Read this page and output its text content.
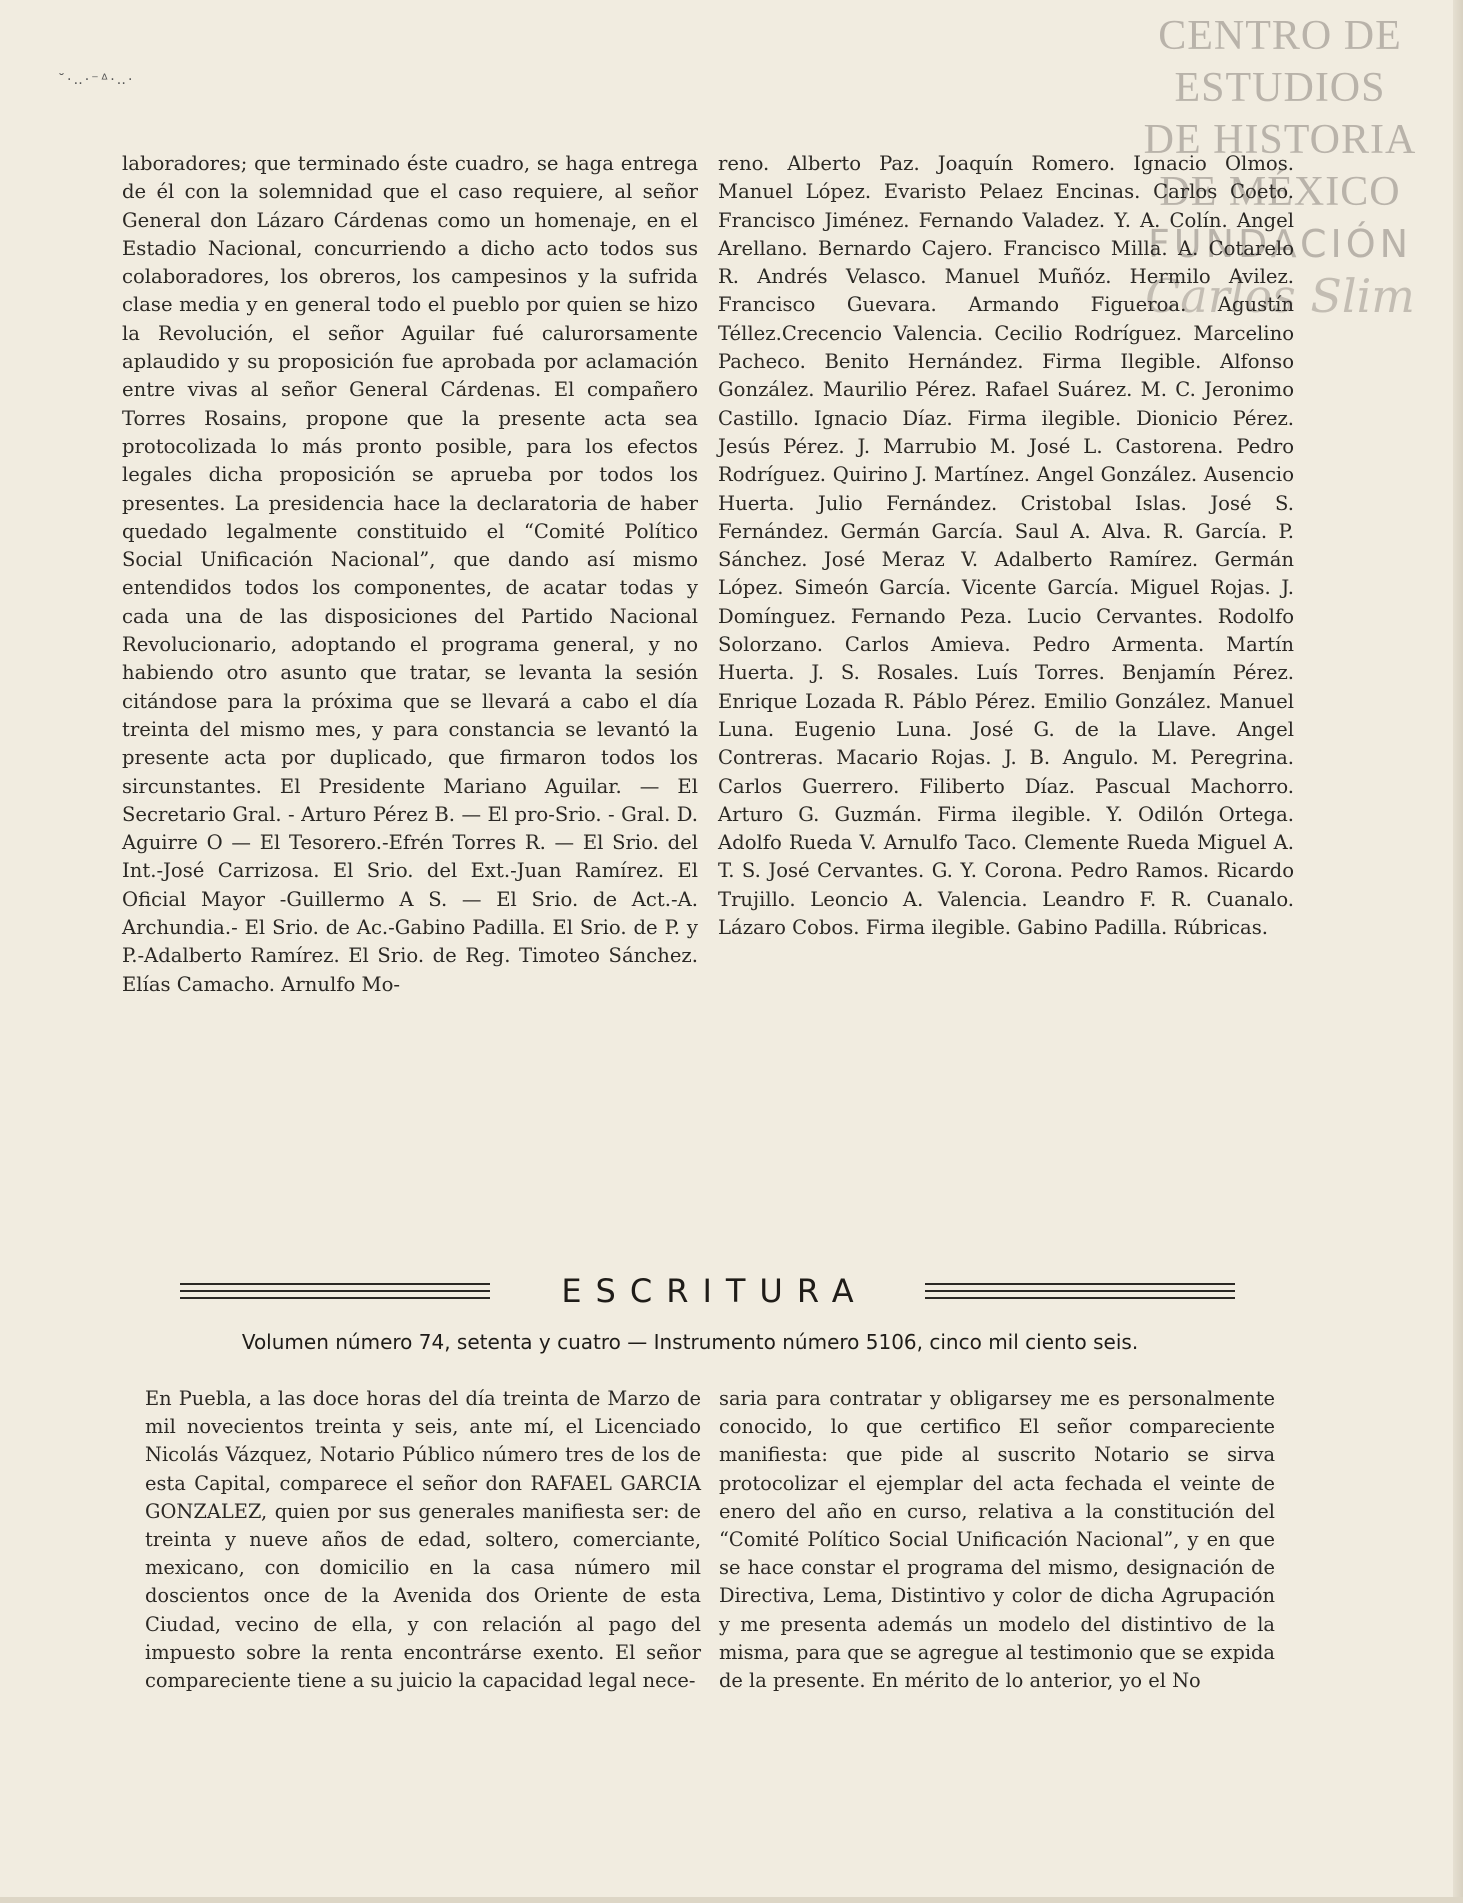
˘·‥·⁻ᐞ·‥·
CENTRO DE
ESTUDIOS
DE HISTORIA
DE MÉXICO
FUNDACIÓN
Carlos Slim
laboradores; que terminado éste cuadro, se haga entrega de él con la solemnidad que el caso requiere, al señor General don Lázaro Cárdenas como un homenaje, en el Estadio Nacional, concurriendo a dicho acto todos sus colaboradores, los obreros, los campesinos y la sufrida clase media y en general todo el pueblo por quien se hizo la Revolución, el señor Aguilar fué calurorsamente aplaudido y su proposición fue aprobada por aclamación entre vivas al señor General Cárdenas. El compañero Torres Rosains, propone que la presente acta sea protocolizada lo más pronto posible, para los efectos legales dicha proposición se aprueba por todos los presentes. La presidencia hace la declaratoria de haber quedado legalmente constituido el “Comité Político Social Unificación Nacional”, que dando así mismo entendidos todos los componentes, de acatar todas y cada una de las disposiciones del Partido Nacional Revolucionario, adoptando el programa general, y no habiendo otro asunto que tratar, se levanta la sesión citándose para la próxima que se llevará a cabo el día treinta del mismo mes, y para constancia se levantó la presente acta por duplicado, que firmaron todos los sircunstantes. El Presidente Mariano Aguilar. — El Secretario Gral. - Arturo Pérez B. — El pro-Srio. - Gral. D. Aguirre O — El Tesorero.-Efrén Torres R. — El Srio. del Int.-José Carrizosa. El Srio. del Ext.-Juan Ramírez. El Oficial Mayor -Guillermo A S. — El Srio. de Act.-A. Archundia.- El Srio. de Ac.-Gabino Padilla. El Srio. de P. y P.-Adalberto Ramírez. El Srio. de Reg. Timoteo Sánchez. Elías Camacho. Arnulfo Mo-
reno. Alberto Paz. Joaquín Romero. Ignacio Olmos. Manuel López. Evaristo Pelaez Encinas. Carlos Coeto. Francisco Jiménez. Fernando Valadez. Y. A. Colín. Angel Arellano. Bernardo Cajero. Francisco Milla. A. Cotarelo R. Andrés Velasco. Manuel Muñóz. Hermilo Avilez. Francisco Guevara. Armando Figueroa. Agustín Téllez.Crecencio Valencia. Cecilio Rodríguez. Marcelino Pacheco. Benito Hernández. Firma Ilegible. Alfonso González. Maurilio Pérez. Rafael Suárez. M. C. Jeronimo Castillo. Ignacio Díaz. Firma ilegible. Dionicio Pérez. Jesús Pérez. J. Marrubio M. José L. Castorena. Pedro Rodríguez. Quirino J. Martínez. Angel González. Ausencio Huerta. Julio Fernández. Cristobal Islas. José S. Fernández. Germán García. Saul A. Alva. R. García. P. Sánchez. José Meraz V. Adalberto Ramírez. Germán López. Simeón García. Vicente García. Miguel Rojas. J. Domínguez. Fernando Peza. Lucio Cervantes. Rodolfo Solorzano. Carlos Amieva. Pedro Armenta. Martín Huerta. J. S. Rosales. Luís Torres. Benjamín Pérez. Enrique Lozada R. Páblo Pérez. Emilio González. Manuel Luna. Eugenio Luna. José G. de la Llave. Angel Contreras. Macario Rojas. J. B. Angulo. M. Peregrina. Carlos Guerrero. Filiberto Díaz. Pascual Machorro. Arturo G. Guzmán. Firma ilegible. Y. Odilón Ortega. Adolfo Rueda V. Arnulfo Taco. Clemente Rueda Miguel A. T. S. José Cervantes. G. Y. Corona. Pedro Ramos. Ricardo Trujillo. Leoncio A. Valencia. Leandro F. R. Cuanalo. Lázaro Cobos. Firma ilegible. Gabino Padilla. Rúbricas.
ESCRITURA
Volumen número 74, setenta y cuatro — Instrumento número 5106, cinco mil ciento seis.
En Puebla, a las doce horas del día treinta de Marzo de mil novecientos treinta y seis, ante mí, el Licenciado Nicolás Vázquez, Notario Público número tres de los de esta Capital, comparece el señor don RAFAEL GARCIA GONZALEZ, quien por sus generales manifiesta ser: de treinta y nueve años de edad, soltero, comerciante, mexicano, con domicilio en la casa número mil doscientos once de la Avenida dos Oriente de esta Ciudad, vecino de ella, y con relación al pago del impuesto sobre la renta encontrárse exento. El señor compareciente tiene a su juicio la capacidad legal nece-
saria para contratar y obligarsey me es personalmente conocido, lo que certifico El señor compareciente manifiesta: que pide al suscrito Notario se sirva protocolizar el ejemplar del acta fechada el veinte de enero del año en curso, relativa a la constitución del “Comité Político Social Unificación Nacional”, y en que se hace constar el programa del mismo, designación de Directiva, Lema, Distintivo y color de dicha Agrupación y me presenta además un modelo del distintivo de la misma, para que se agregue al testimonio que se expida de la presente. En mérito de lo anterior, yo el No
